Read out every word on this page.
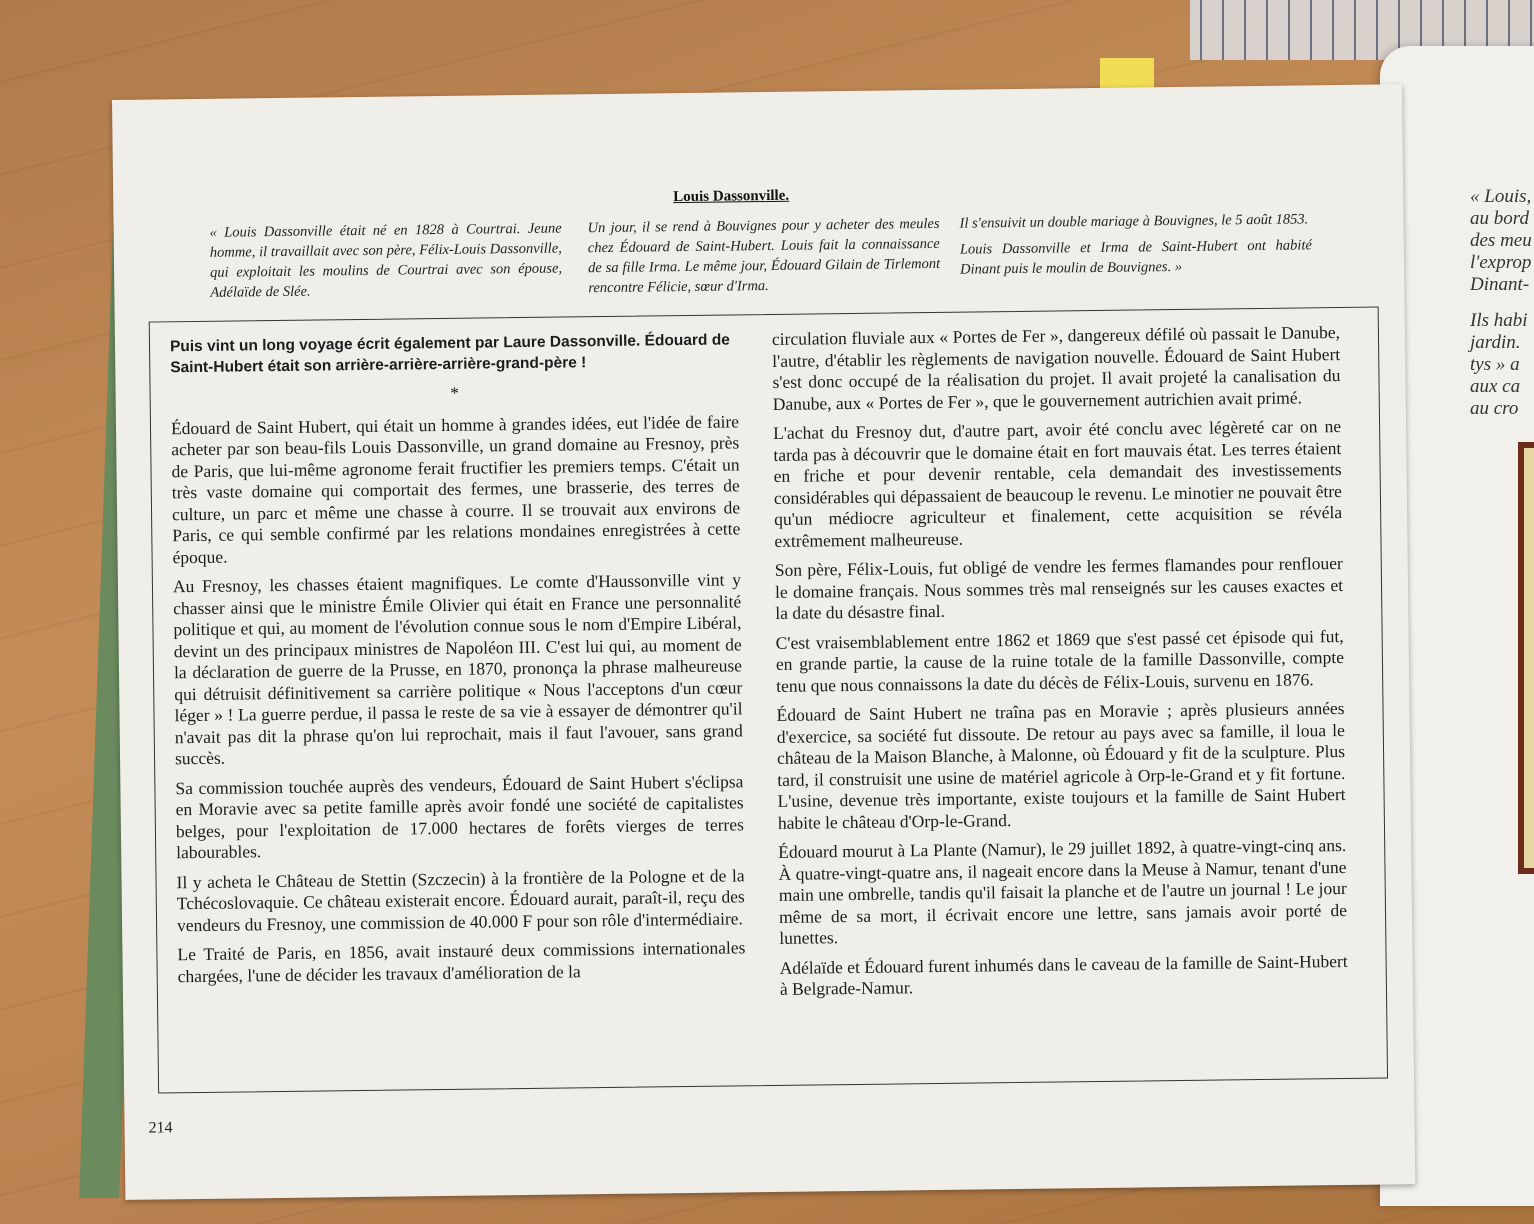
« Louis,
au bord
des meu
l'exprop
Dinant-
Ils habi
jardin.
tys » a
aux ca
au cro
Louis Dassonville.

« Louis Dassonville était né en 1828 à Courtrai. Jeune homme, il travaillait avec son père, Félix-Louis Dassonville, qui exploitait les moulins de Courtrai avec son épouse, Adélaïde de Slée.

Un jour, il se rend à Bouvignes pour y acheter des meules chez Édouard de Saint-Hubert. Louis fait la connaissance de sa fille Irma. Le même jour, Édouard Gilain de Tirlemont rencontre Félicie, sœur d'Irma.

Il s'ensuivit un double mariage à Bouvignes, le 5 août 1853.

Louis Dassonville et Irma de Saint-Hubert ont habité Dinant puis le moulin de Bouvignes. »

Puis vint un long voyage écrit également par Laure Dassonville. Édouard de Saint-Hubert était son arrière-arrière-arrière-grand-père !

*

Édouard de Saint Hubert, qui était un homme à grandes idées, eut l'idée de faire acheter par son beau-fils Louis Dassonville, un grand domaine au Fresnoy, près de Paris, que lui-même agronome ferait fructifier les premiers temps. C'était un très vaste domaine qui comportait des fermes, une brasserie, des terres de culture, un parc et même une chasse à courre. Il se trouvait aux environs de Paris, ce qui semble confirmé par les relations mondaines enregistrées à cette époque.

Au Fresnoy, les chasses étaient magnifiques. Le comte d'Haussonville vint y chasser ainsi que le ministre Émile Olivier qui était en France une personnalité politique et qui, au moment de l'évolution connue sous le nom d'Empire Libéral, devint un des principaux ministres de Napoléon III. C'est lui qui, au moment de la déclaration de guerre de la Prusse, en 1870, prononça la phrase malheureuse qui détruisit définitivement sa carrière politique « Nous l'acceptons d'un cœur léger » ! La guerre perdue, il passa le reste de sa vie à essayer de démontrer qu'il n'avait pas dit la phrase qu'on lui reprochait, mais il faut l'avouer, sans grand succès.

Sa commission touchée auprès des vendeurs, Édouard de Saint Hubert s'éclipsa en Moravie avec sa petite famille après avoir fondé une société de capitalistes belges, pour l'exploitation de 17.000 hectares de forêts vierges de terres labourables.

Il y acheta le Château de Stettin (Szczecin) à la frontière de la Pologne et de la Tchécoslovaquie. Ce château existerait encore. Édouard aurait, paraît-il, reçu des vendeurs du Fresnoy, une commission de 40.000 F pour son rôle d'intermédiaire.

Le Traité de Paris, en 1856, avait instauré deux commissions internationales chargées, l'une de décider les travaux d'amélioration de la

circulation fluviale aux « Portes de Fer », dangereux défilé où passait le Danube, l'autre, d'établir les règlements de navigation nouvelle. Édouard de Saint Hubert s'est donc occupé de la réalisation du projet. Il avait projeté la canalisation du Danube, aux « Portes de Fer », que le gouvernement autrichien avait primé.

L'achat du Fresnoy dut, d'autre part, avoir été conclu avec légèreté car on ne tarda pas à découvrir que le domaine était en fort mauvais état. Les terres étaient en friche et pour devenir rentable, cela demandait des investissements considérables qui dépassaient de beaucoup le revenu. Le minotier ne pouvait être qu'un médiocre agriculteur et finalement, cette acquisition se révéla extrêmement malheureuse.

Son père, Félix-Louis, fut obligé de vendre les fermes flamandes pour renflouer le domaine français. Nous sommes très mal renseignés sur les causes exactes et la date du désastre final.

C'est vraisemblablement entre 1862 et 1869 que s'est passé cet épisode qui fut, en grande partie, la cause de la ruine totale de la famille Dassonville, compte tenu que nous connaissons la date du décès de Félix-Louis, survenu en 1876.

Édouard de Saint Hubert ne traîna pas en Moravie ; après plusieurs années d'exercice, sa société fut dissoute. De retour au pays avec sa famille, il loua le château de la Maison Blanche, à Malonne, où Édouard y fit de la sculpture. Plus tard, il construisit une usine de matériel agricole à Orp-le-Grand et y fit fortune. L'usine, devenue très importante, existe toujours et la famille de Saint Hubert habite le château d'Orp-le-Grand.

Édouard mourut à La Plante (Namur), le 29 juillet 1892, à quatre-vingt-cinq ans. À quatre-vingt-quatre ans, il nageait encore dans la Meuse à Namur, tenant d'une main une ombrelle, tandis qu'il faisait la planche et de l'autre un journal ! Le jour même de sa mort, il écrivait encore une lettre, sans jamais avoir porté de lunettes.

Adélaïde et Édouard furent inhumés dans le caveau de la famille de Saint-Hubert à Belgrade-Namur.

214
